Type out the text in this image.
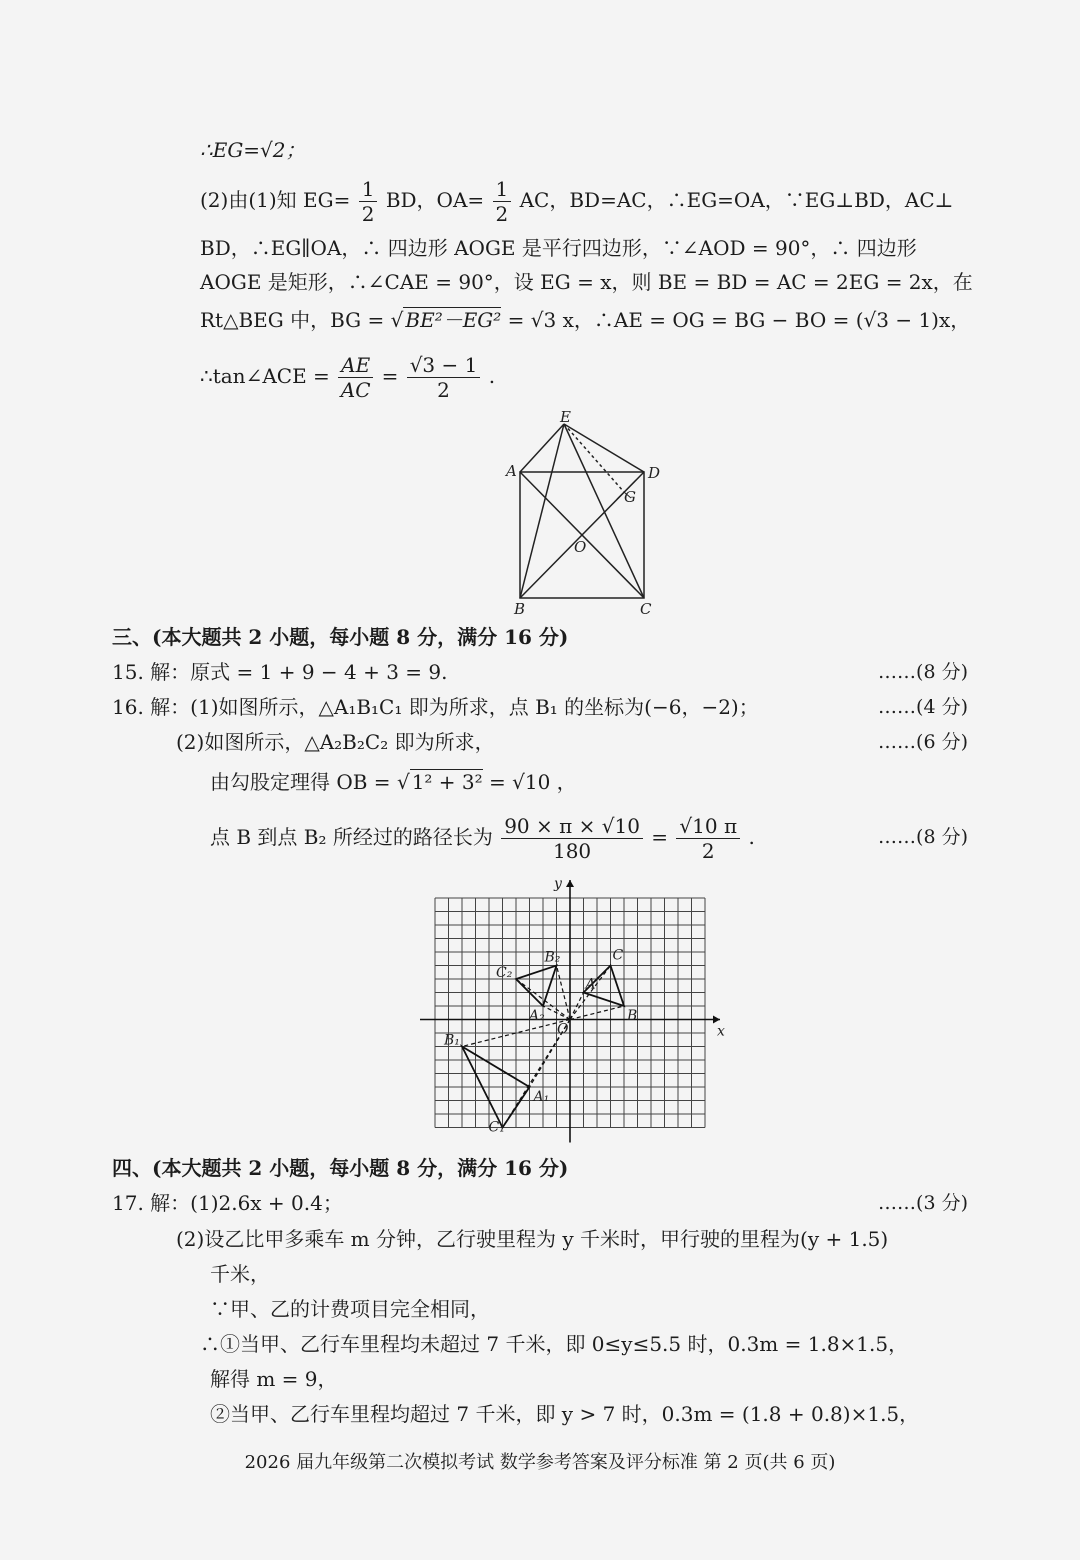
∴EG=√2；
(2)由(1)知 $EG= \frac{1}{2}$ BD，$OA= \frac{1}{2}$ AC，BD=AC，∴EG=OA，∵EG⊥BD，AC⊥
BD，∴EG∥OA，∴ 四边形 AOGE 是平行四边形，∵∠AOD = 90°，∴ 四边形
AOGE 是矩形，∴∠CAE = 90°，设 EG = x，则 BE = BD = AC = 2EG = 2x，在
Rt△BEG 中，BG = √ BE²－EG² = √3 x，∴AE = OG = BG − BO = (√3 − 1)x，
∴tan∠ACE = $\frac{AE}{AC} = \frac{√3 - 1}{2}$ .
E
A	D
G
O
B	C
三、(本大题共 2 小题，每小题 8 分，满分 16 分)
15. 解：原式 = 1 + 9 − 4 + 3 = 9.	……(8 分)
16. 解：(1)如图所示，△A₁B₁C₁ 即为所求，点 B₁ 的坐标为(−6，−2)；	……(4 分)
(2)如图所示，△A₂B₂C₂ 即为所求，	……(6 分)
由勾股定理得 OB = √ 1² + 3² = √10 ，
点 B 到点 B₂ 所经过的路径长为 $\frac{90 \times \pi \times √10}{180} = \frac{√10 \pi}{2}$ .	……(8 分)
x
y
O
A
B
C
A₂
B₂
C₂
A₁
B₁
C₁
四、(本大题共 2 小题，每小题 8 分，满分 16 分)
17. 解：(1)2.6x + 0.4；	……(3 分)
(2)设乙比甲多乘车 m 分钟，乙行驶里程为 y 千米时，甲行驶的里程为(y + 1.5)
千米，
∵甲、乙的计费项目完全相同，
∴①当甲、乙行车里程均未超过 7 千米，即 0≤y≤5.5 时，0.3m = 1.8×1.5，
解得 m = 9，
②当甲、乙行车里程均超过 7 千米，即 y > 7 时，0.3m = (1.8 + 0.8)×1.5，
2026 届九年级第二次模拟考试 数学参考答案及评分标准 第 2 页(共 6 页)
